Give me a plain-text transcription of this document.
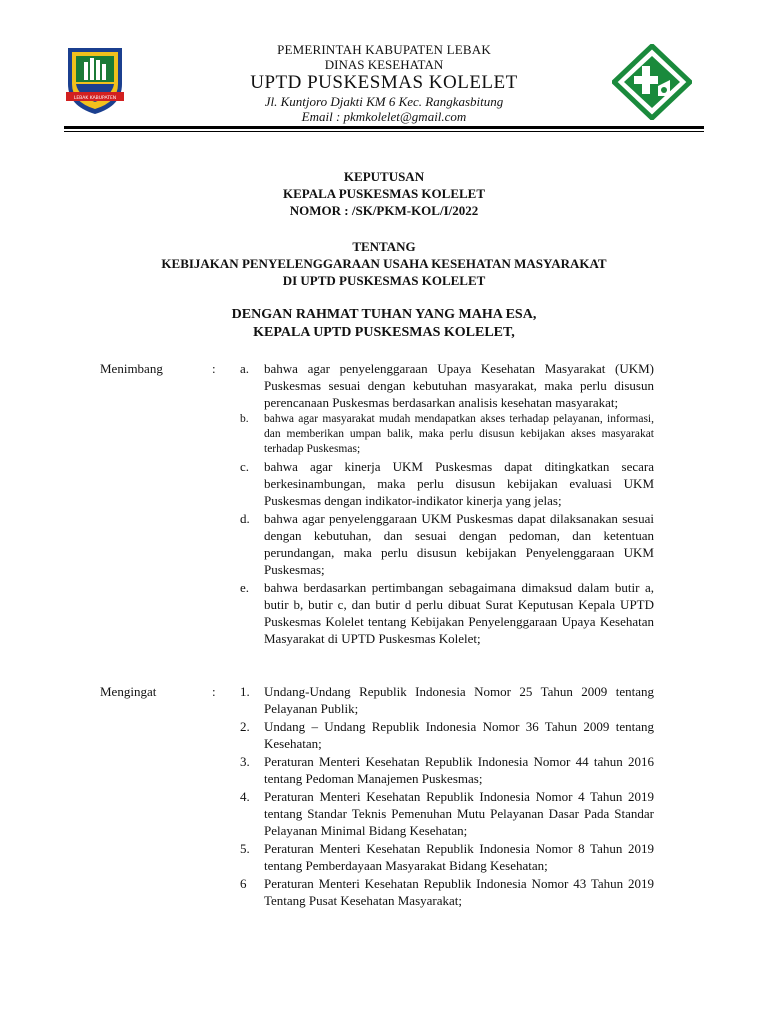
LEBAK KABUPATEN
PEMERINTAH KABUPATEN LEBAK
DINAS KESEHATAN
UPTD PUSKESMAS KOLELET
Jl. Kuntjoro Djakti KM 6 Kec. Rangkasbitung
Email : pkmkolelet@gmail.com
KEPUTUSAN
KEPALA PUSKESMAS KOLELET
NOMOR : /SK/PKM-KOL/I/2022
TENTANG
KEBIJAKAN PENYELENGGARAAN USAHA KESEHATAN MASYARAKAT
DI UPTD PUSKESMAS KOLELET
DENGAN RAHMAT TUHAN YANG MAHA ESA,
KEPALA UPTD PUSKESMAS KOLELET,
Menimbang	: a. bahwa agar penyelenggaraan Upaya Kesehatan Masyarakat (UKM) Puskesmas sesuai dengan kebutuhan masyarakat, maka perlu disusun perencanaan Puskesmas berdasarkan analisis kesehatan masyarakat;
b. bahwa agar masyarakat mudah mendapatkan akses terhadap pelayanan, informasi, dan memberikan umpan balik, maka perlu disusun kebijakan akses masyarakat terhadap Puskesmas;
c. bahwa agar kinerja UKM Puskesmas dapat ditingkatkan secara berkesinambungan, maka perlu disusun kebijakan evaluasi UKM Puskesmas dengan indikator-indikator kinerja yang jelas;
d. bahwa agar penyelenggaraan UKM Puskesmas dapat dilaksanakan sesuai dengan kebutuhan, dan sesuai dengan pedoman, dan ketentuan perundangan, maka perlu disusun kebijakan Penyelenggaraan UKM Puskesmas;
e. bahwa berdasarkan pertimbangan sebagaimana dimaksud dalam butir a, butir b, butir c, dan butir d perlu dibuat Surat Keputusan Kepala UPTD Puskesmas Kolelet tentang Kebijakan Penyelenggaraan Upaya Kesehatan Masyarakat di UPTD Puskesmas Kolelet;
Mengingat	: 1. Undang-Undang Republik Indonesia Nomor 25 Tahun 2009 tentang Pelayanan Publik;
2. Undang – Undang Republik Indonesia Nomor 36 Tahun 2009 tentang Kesehatan;
3. Peraturan Menteri Kesehatan Republik Indonesia Nomor 44 tahun 2016 tentang Pedoman Manajemen Puskesmas;
4. Peraturan Menteri Kesehatan Republik Indonesia Nomor 4 Tahun 2019 tentang Standar Teknis Pemenuhan Mutu Pelayanan Dasar Pada Standar Pelayanan Minimal Bidang Kesehatan;
5. Peraturan Menteri Kesehatan Republik Indonesia Nomor 8 Tahun 2019 tentang Pemberdayaan Masyarakat Bidang Kesehatan;
6 Peraturan Menteri Kesehatan Republik Indonesia Nomor 43 Tahun 2019 Tentang Pusat Kesehatan Masyarakat;
